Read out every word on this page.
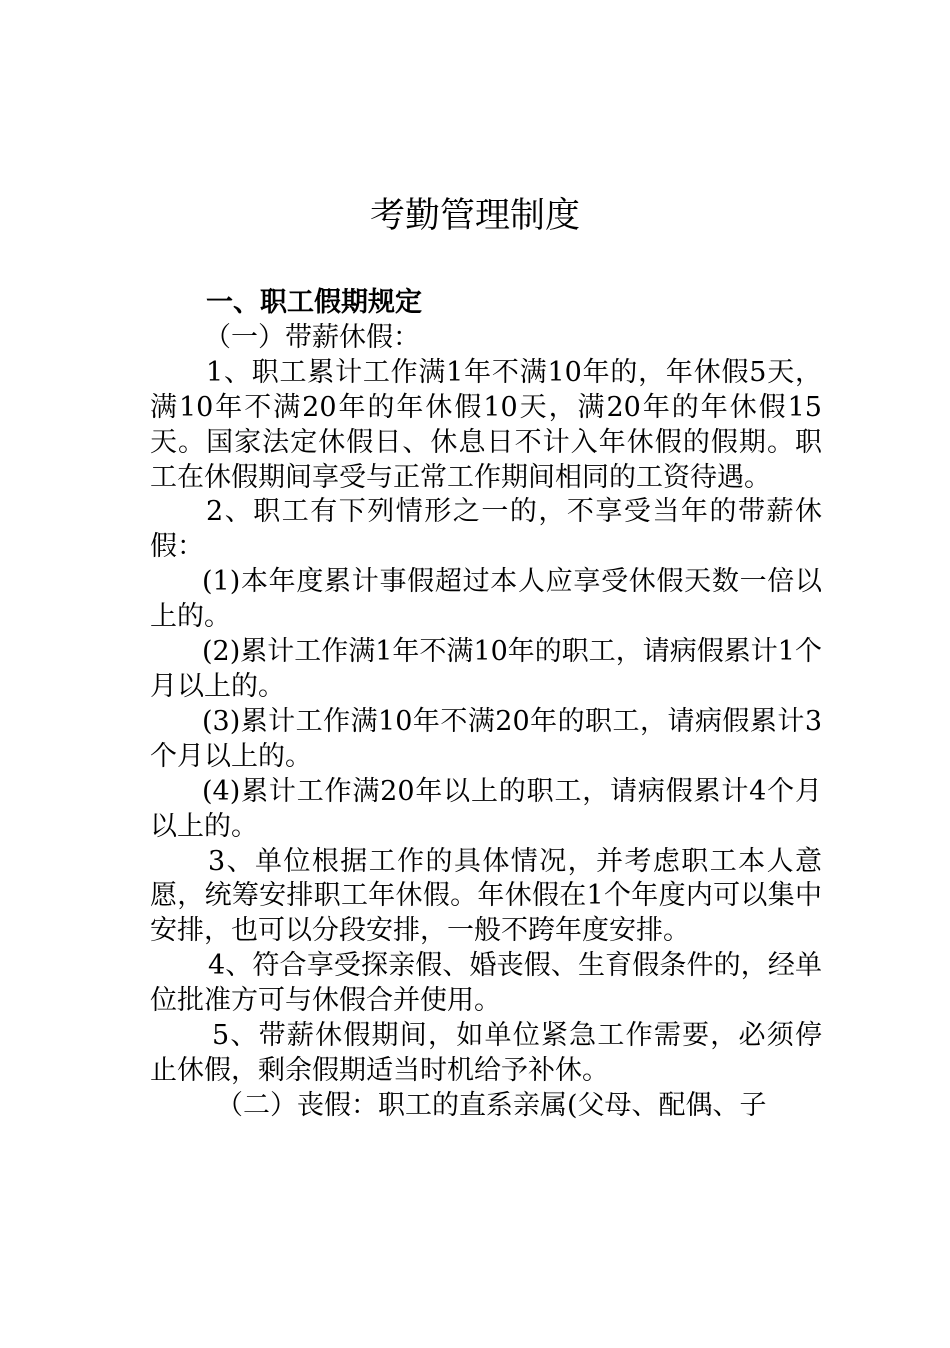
考勤管理制度

一、职工假期规定

（一）带薪休假：

1、职工累计工作满1年不满10年的，年休假5天，满10年不满20年的年休假10天，满20年的年休假15天。国家法定休假日、休息日不计入年休假的假期。职工在休假期间享受与正常工作期间相同的工资待遇。

2、职工有下列情形之一的，不享受当年的带薪休假：

(1)本年度累计事假超过本人应享受休假天数一倍以上的。

(2)累计工作满1年不满10年的职工，请病假累计1个月以上的。

(3)累计工作满10年不满20年的职工，请病假累计3个月以上的。

(4)累计工作满20年以上的职工，请病假累计4个月以上的。

3、单位根据工作的具体情况，并考虑职工本人意愿，统筹安排职工年休假。年休假在1个年度内可以集中安排，也可以分段安排，一般不跨年度安排。

4、符合享受探亲假、婚丧假、生育假条件的，经单位批准方可与休假合并使用。

5、带薪休假期间，如单位紧急工作需要，必须停止休假，剩余假期适当时机给予补休。

（二）丧假：职工的直系亲属(父母、配偶、子
